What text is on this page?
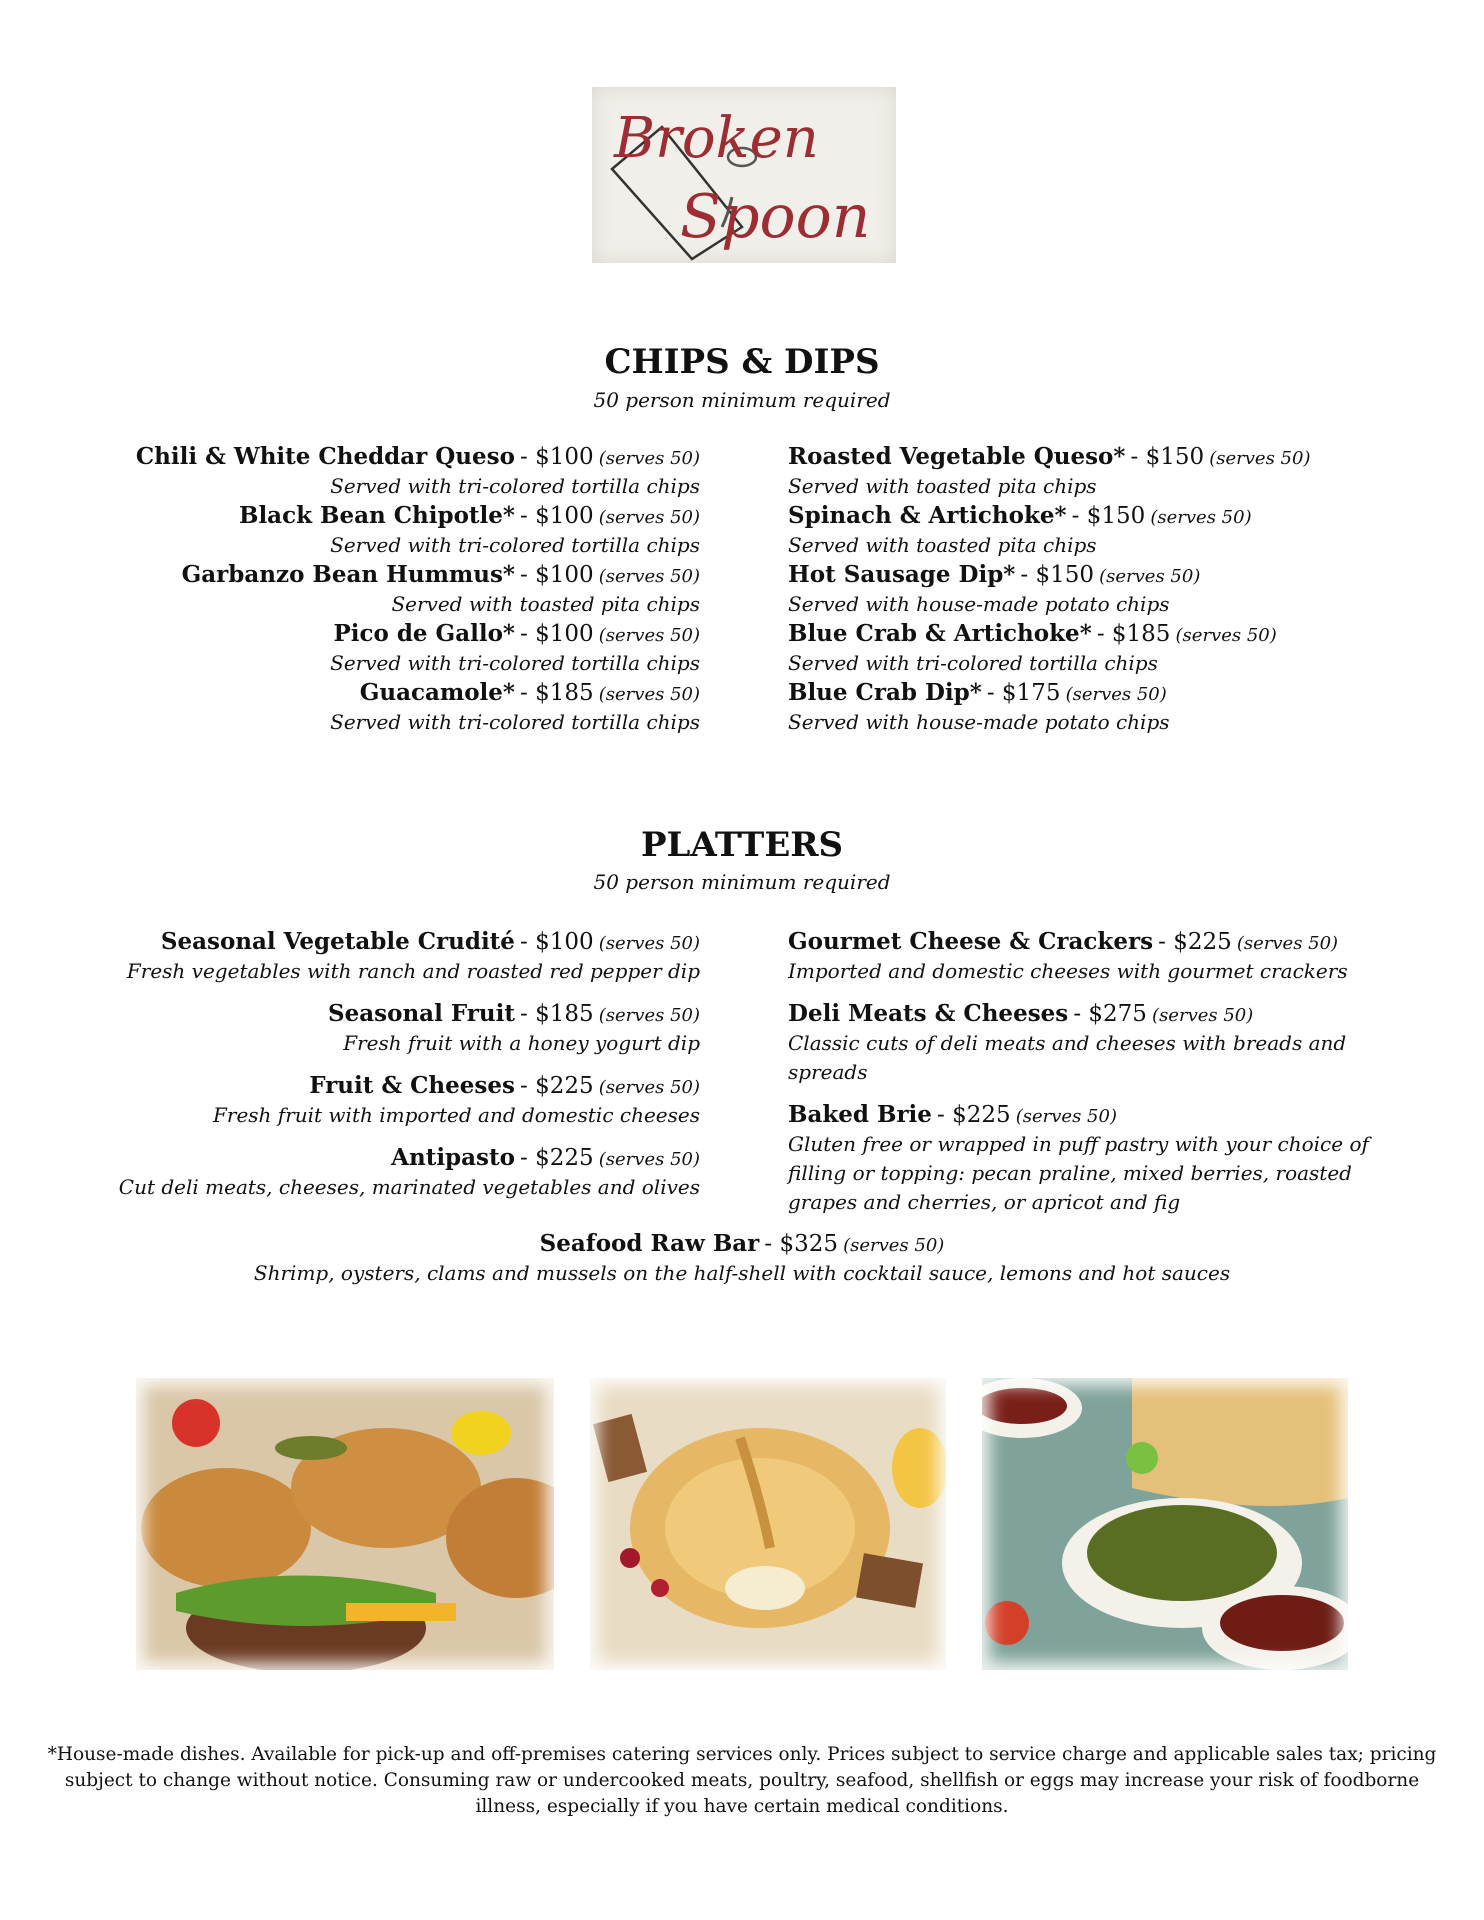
Broken
Spoon
CHIPS & DIPS
50 person minimum required
Chili & White Cheddar Queso - $100 (serves 50)
Served with tri-colored tortilla chips
Black Bean Chipotle* - $100 (serves 50)
Served with tri-colored tortilla chips
Garbanzo Bean Hummus* - $100 (serves 50)
Served with toasted pita chips
Pico de Gallo* - $100 (serves 50)
Served with tri-colored tortilla chips
Guacamole* - $185 (serves 50)
Served with tri-colored tortilla chips
Roasted Vegetable Queso* - $150 (serves 50)
Served with toasted pita chips
Spinach & Artichoke* - $150 (serves 50)
Served with toasted pita chips
Hot Sausage Dip* - $150 (serves 50)
Served with house-made potato chips
Blue Crab & Artichoke* - $185 (serves 50)
Served with tri-colored tortilla chips
Blue Crab Dip* - $175 (serves 50)
Served with house-made potato chips
PLATTERS
50 person minimum required
Seasonal Vegetable Crudité - $100 (serves 50)
Fresh vegetables with ranch and roasted red pepper dip
Seasonal Fruit - $185 (serves 50)
Fresh fruit with a honey yogurt dip
Fruit & Cheeses - $225 (serves 50)
Fresh fruit with imported and domestic cheeses
Antipasto - $225 (serves 50)
Cut deli meats, cheeses, marinated vegetables and olives
Gourmet Cheese & Crackers - $225 (serves 50)
Imported and domestic cheeses with gourmet crackers
Deli Meats & Cheeses - $275 (serves 50)
Classic cuts of deli meats and cheeses with breads and spreads
Baked Brie - $225 (serves 50)
Gluten free or wrapped in puff pastry with your choice of filling or topping: pecan praline, mixed berries, roasted grapes and cherries, or apricot and fig
Seafood Raw Bar - $325 (serves 50)
Shrimp, oysters, clams and mussels on the half-shell with cocktail sauce, lemons and hot sauces
*House-made dishes. Available for pick-up and off-premises catering services only. Prices subject to service charge and applicable sales tax; pricing subject to change without notice. Consuming raw or undercooked meats, poultry, seafood, shellfish or eggs may increase your risk of foodborne illness, especially if you have certain medical conditions.
